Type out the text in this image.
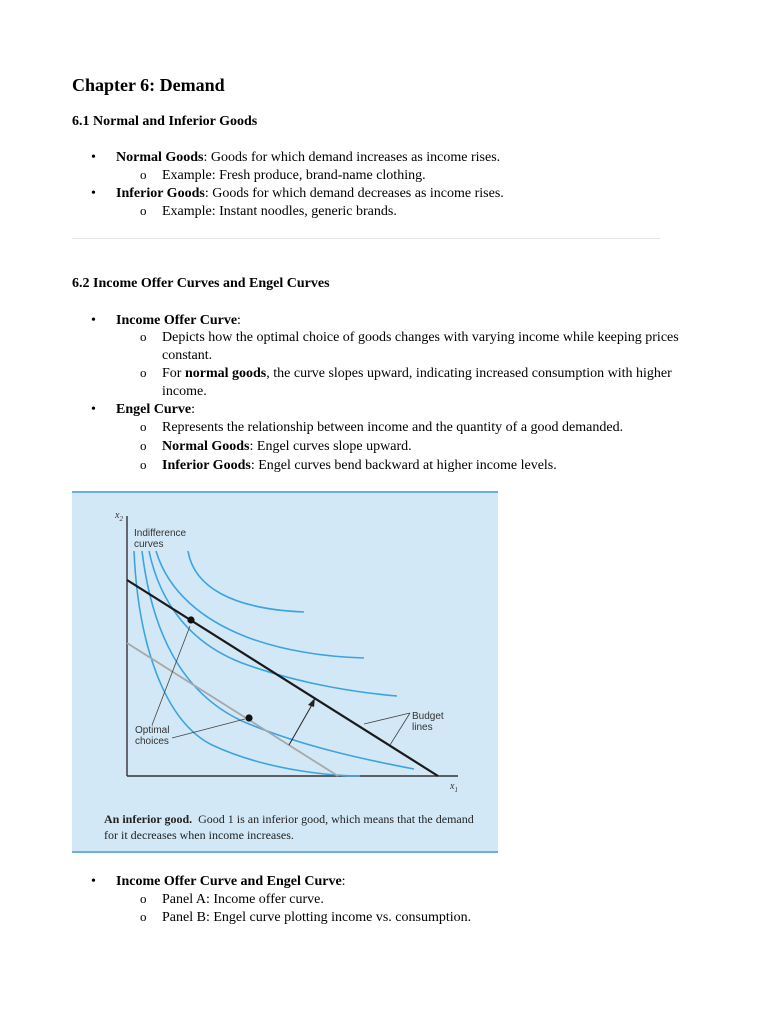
Chapter 6: Demand
6.1 Normal and Inferior Goods

• Normal Goods: Goods for which demand increases as income rises.

o Example: Fresh produce, brand-name clothing.

• Inferior Goods: Goods for which demand decreases as income rises.

o Example: Instant noodles, generic brands.

6.2 Income Offer Curves and Engel Curves

• Income Offer Curve:

o Depicts how the optimal choice of goods changes with varying income while keeping prices constant.

o For normal goods, the curve slopes upward, indicating increased consumption with higher income.

• Engel Curve:

o Represents the relationship between income and the quantity of a good demanded.

o Normal Goods: Engel curves slope upward.

o Inferior Goods: Engel curves bend backward at higher income levels.

$x_2$
$x_1$
Indifference
curves
Optimal
choices
Budget
lines
An inferior good. Good 1 is an inferior good, which means that the demand for it decreases when income increases.

• Income Offer Curve and Engel Curve:

o Panel A: Income offer curve.

o Panel B: Engel curve plotting income vs. consumption.
